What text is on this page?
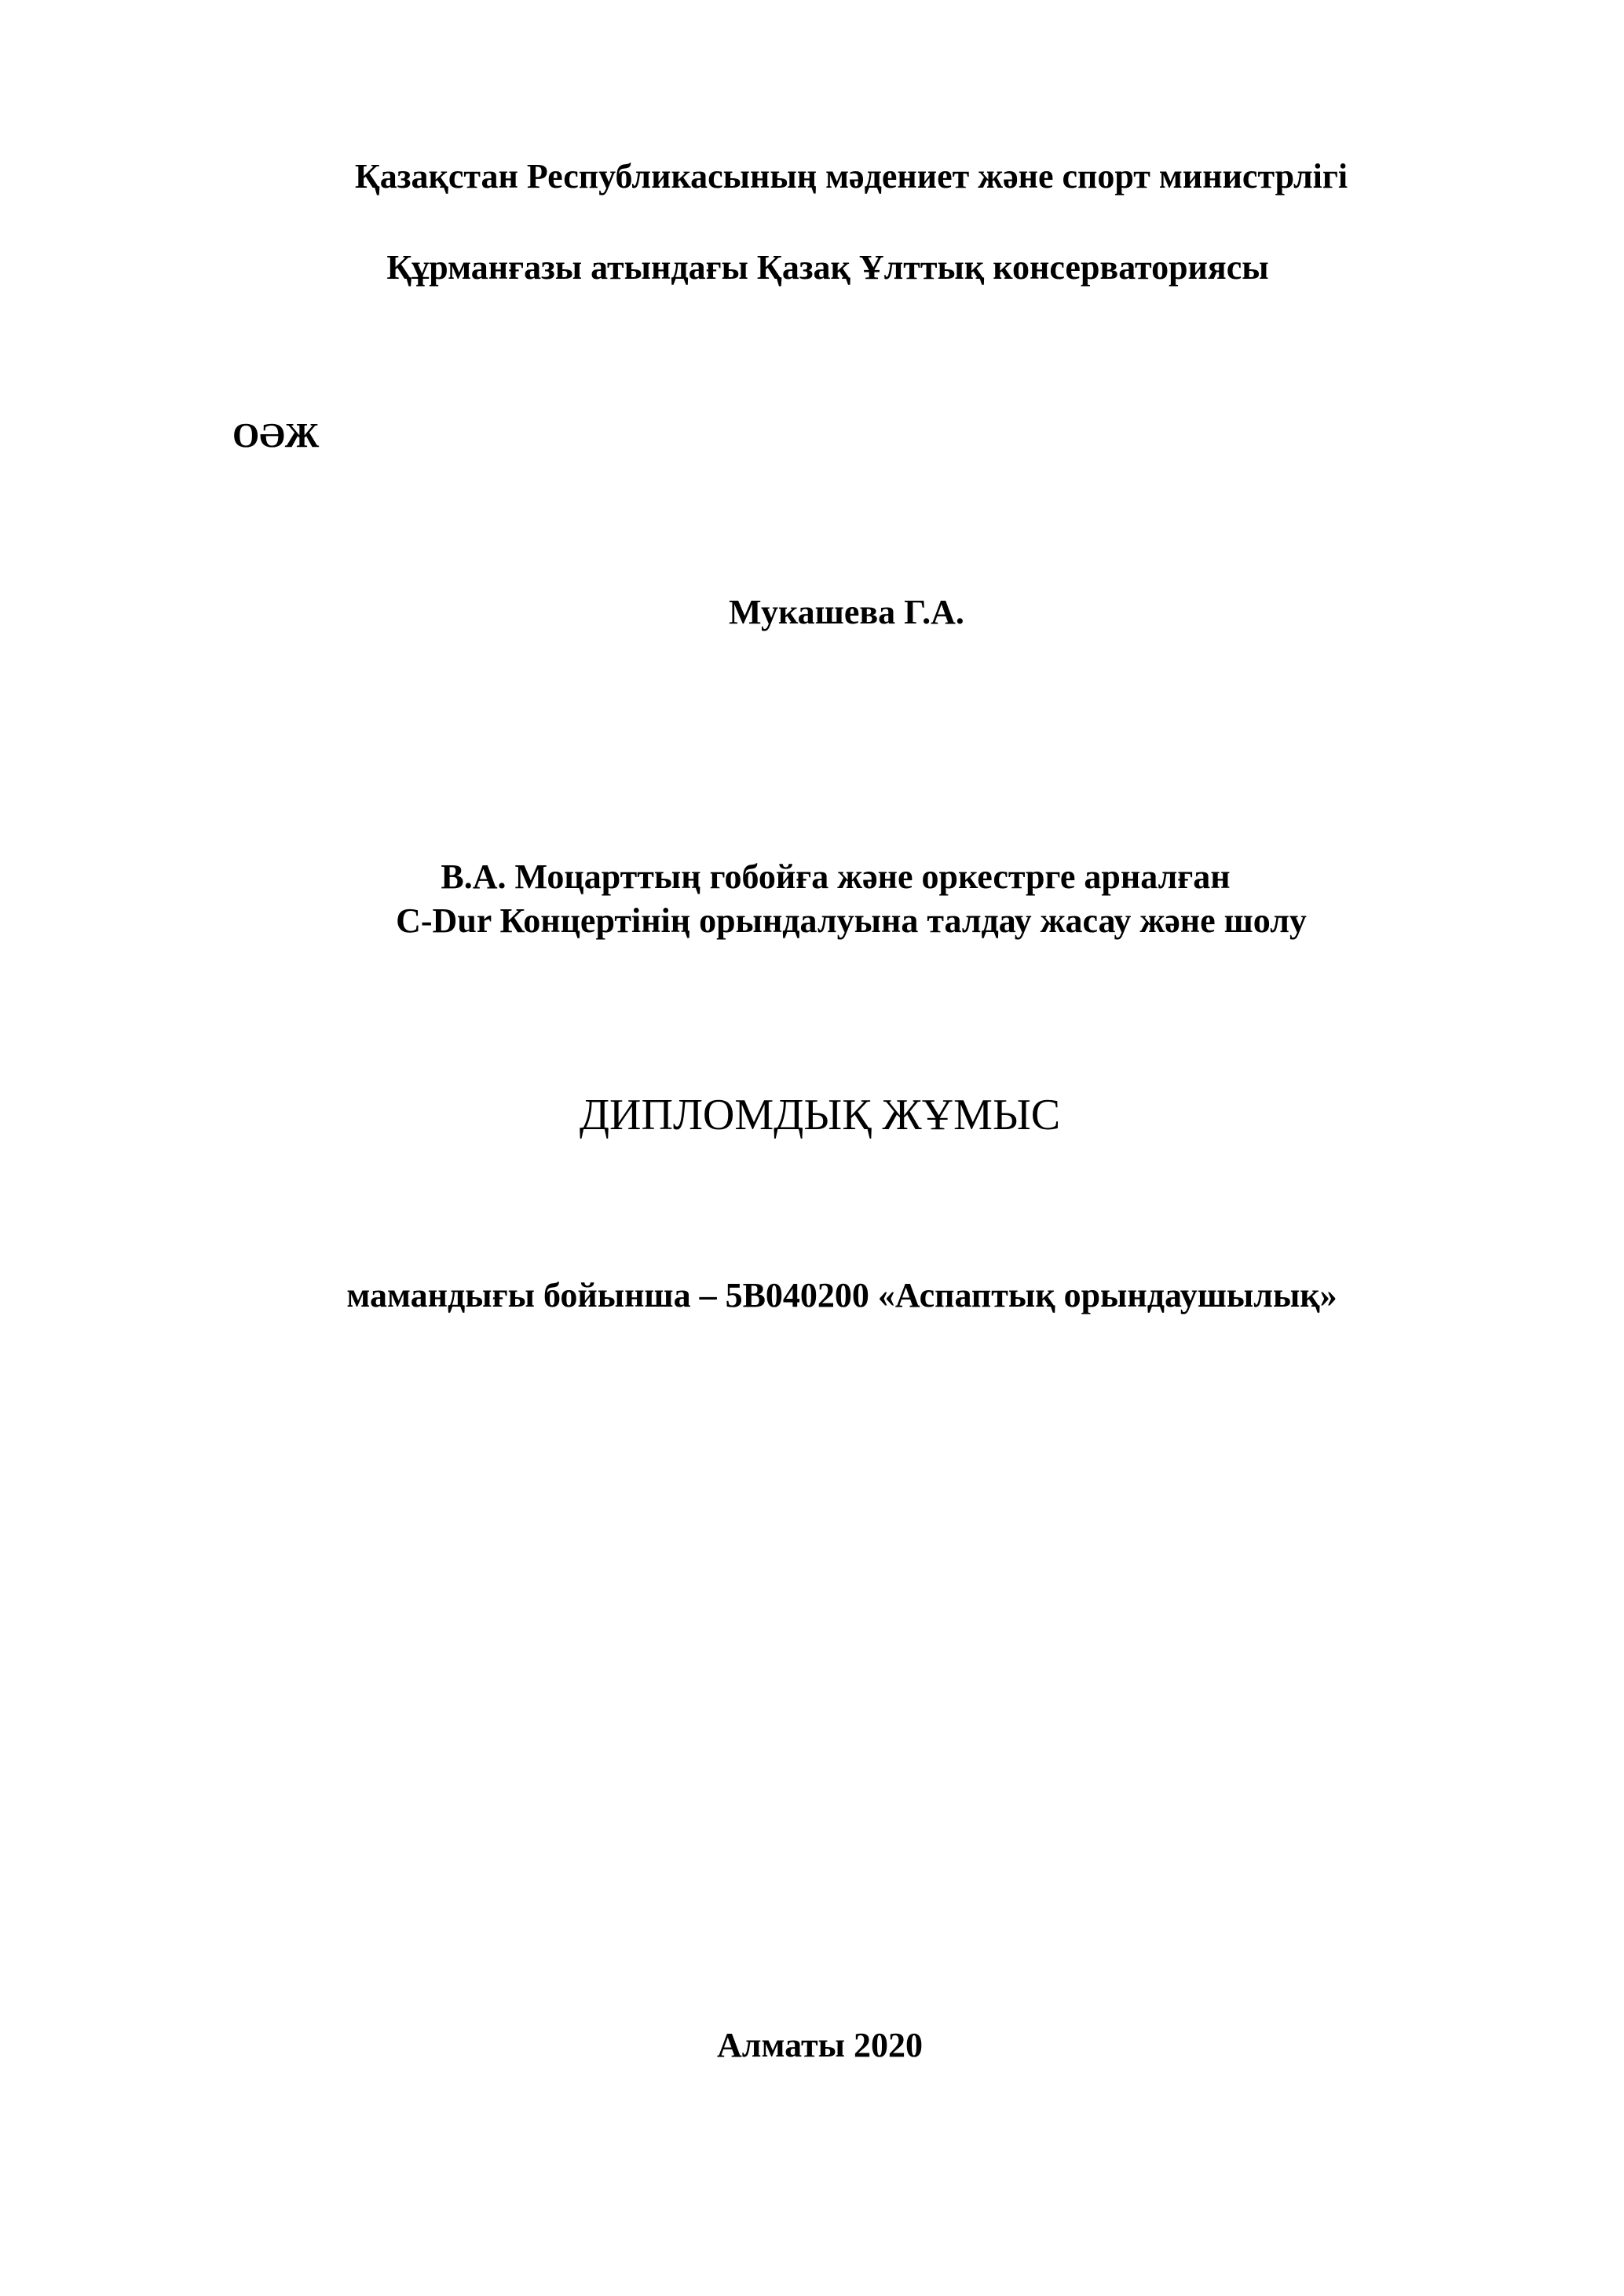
Қазақстан Республикасының мәдениет және спорт министрлігі
Құрманғазы атындағы Қазақ Ұлттық консерваториясы
ОӘЖ
Мукашева Г.А.
В.А. Моцарттың гобойға және оркестрге арналған
C-Dur Концертінің орындалуына талдау жасау және шолу
ДИПЛОМДЫҚ ЖҰМЫС
мамандығы бойынша – 5В040200 «Аспаптық орындаушылық»
Алматы 2020
